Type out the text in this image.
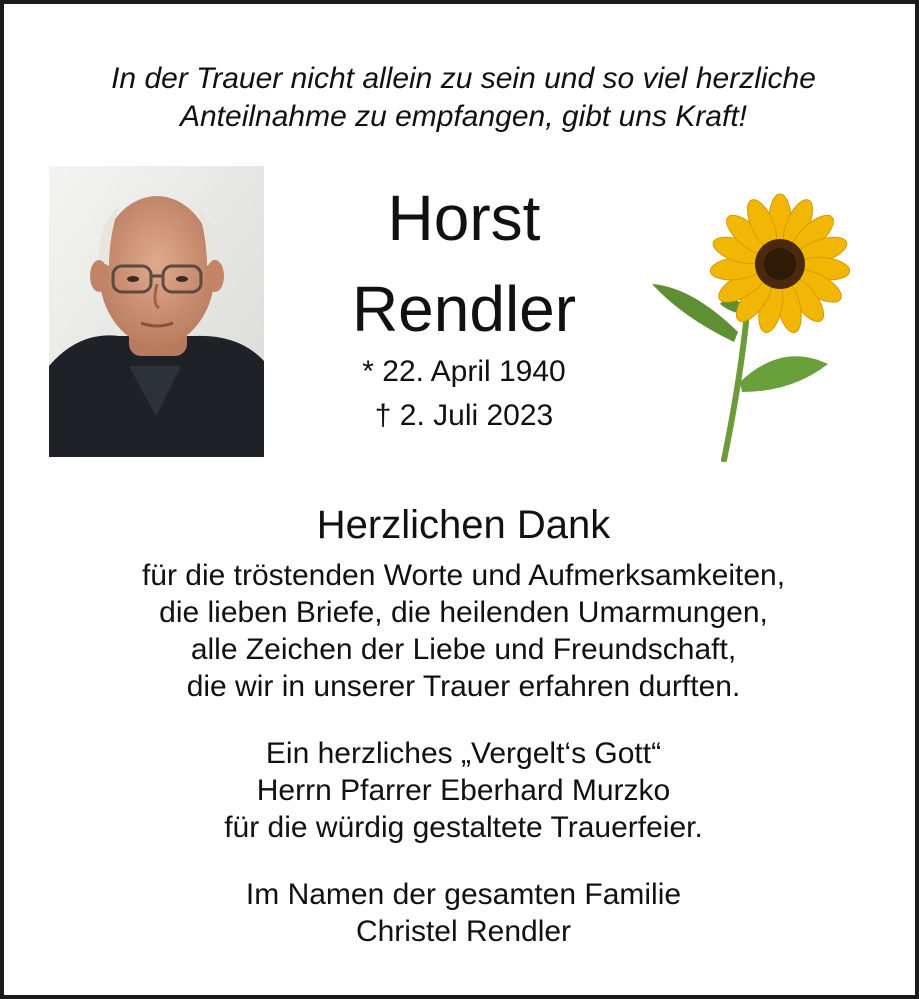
In der Trauer nicht allein zu sein und so viel herzliche
Anteilnahme zu empfangen, gibt uns Kraft!
Horst
Rendler
* 22. April 1940
† 2. Juli 2023
Herzlichen Dank
für die tröstenden Worte und Aufmerksamkeiten,
die lieben Briefe, die heilenden Umarmungen,
alle Zeichen der Liebe und Freundschaft,
die wir in unserer Trauer erfahren durften.
Ein herzliches „Vergelt‘s Gott“
Herrn Pfarrer Eberhard Murzko
für die würdig gestaltete Trauerfeier.
Im Namen der gesamten Familie
Christel Rendler
